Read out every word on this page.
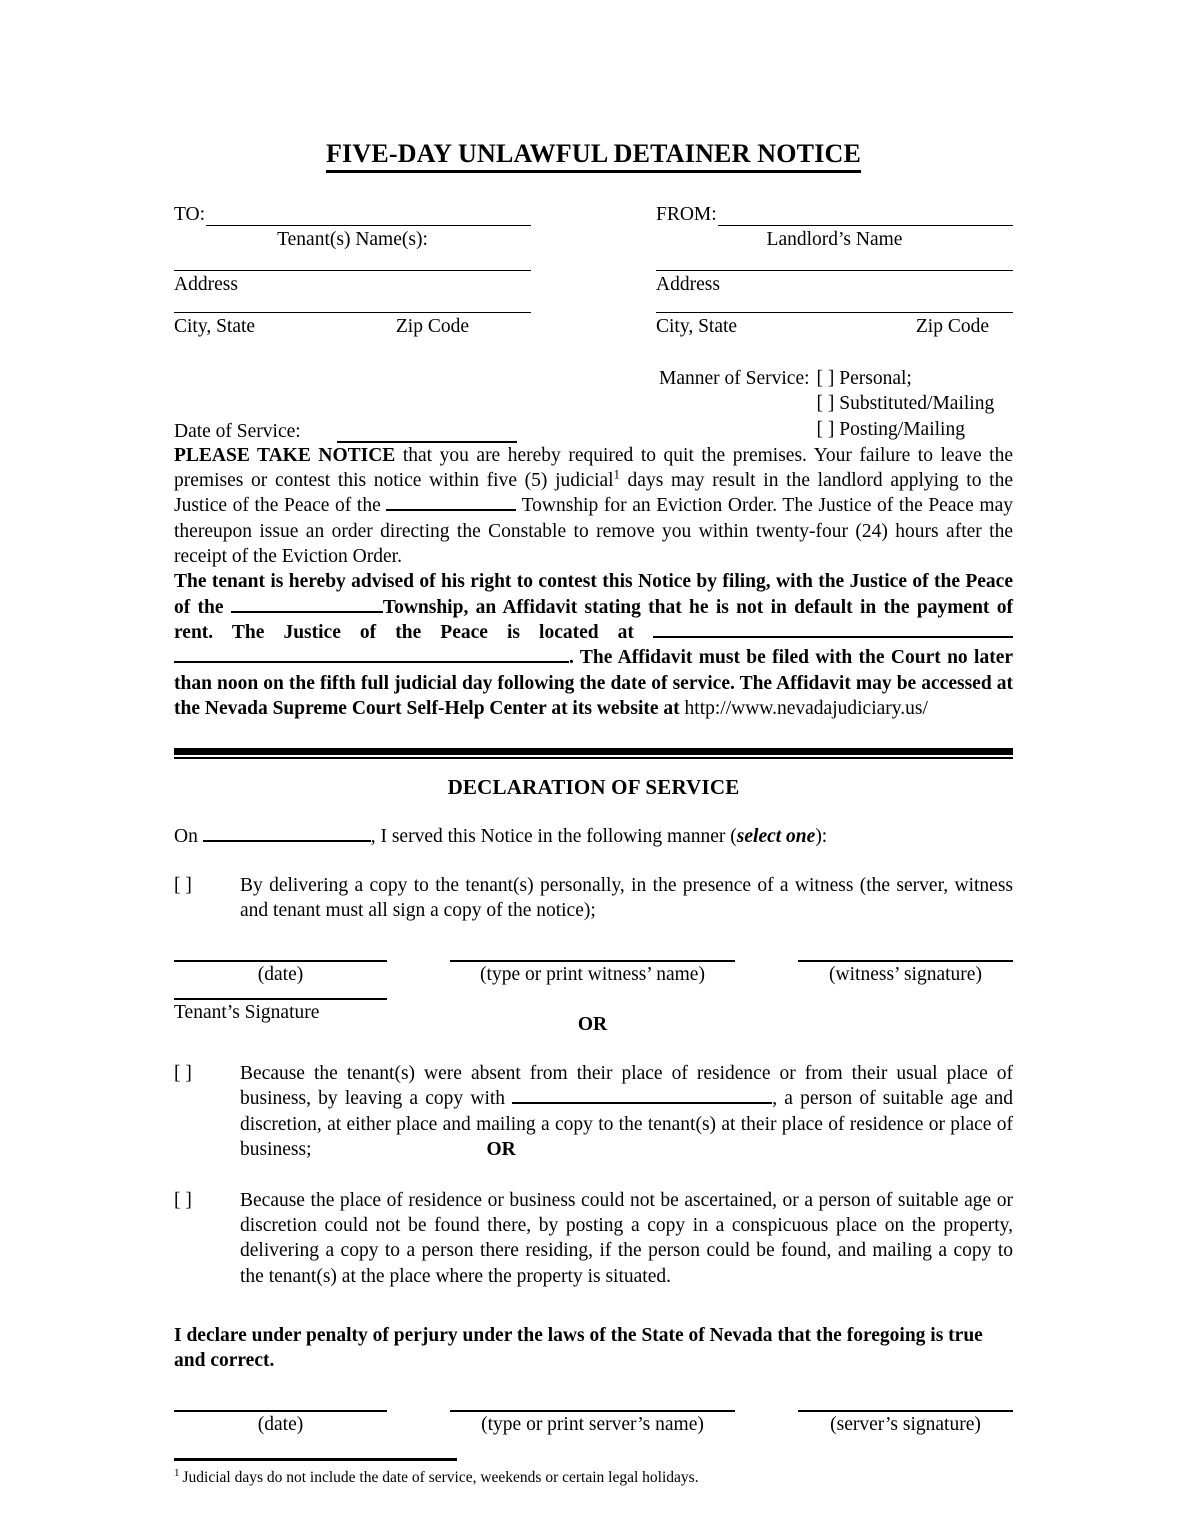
FIVE-DAY UNLAWFUL DETAINER NOTICE
TO:
Tenant(s) Name(s):
Address
City, State	Zip Code
FROM:
Landlord’s Name
Address
City, State	Zip Code
Date of Service:
Manner of Service: [ ] Personal;
[ ] Substituted/Mailing
[ ] Posting/Mailing

PLEASE TAKE NOTICE that you are hereby required to quit the premises. Your failure to leave the premises or contest this notice within five (5) judicial$^1$ days may result in the landlord applying to the Justice of the Peace of the	Township for an Eviction Order. The Justice of the Peace may thereupon issue an order directing the Constable to remove you within twenty-four (24) hours after the receipt of the Eviction Order.

The tenant is hereby advised of his right to contest this Notice by filing, with the Justice of the Peace of the	Township, an Affidavit stating that he is not in default in the payment of rent. The Justice of the Peace is located at . The Affidavit must be filed with the Court no later than noon on the fifth full judicial day following the date of service. The Affidavit may be accessed at the Nevada Supreme Court Self-Help Center at its website at http://www.nevadajudiciary.us/

DECLARATION OF SERVICE
On	, I served this Notice in the following manner (select one):
[ ]	By delivering a copy to the tenant(s) personally, in the presence of a witness (the server, witness and tenant must all sign a copy of the notice);
(date)	(type or print witness’ name)	(witness’ signature)
Tenant’s Signature
OR
[ ]	Because the tenant(s) were absent from their place of residence or from their usual place of business, by leaving a copy with	, a person of suitable age and discretion, at either place and mailing a copy to the tenant(s) at their place of residence or place of business;	OR
[ ]	Because the place of residence or business could not be ascertained, or a person of suitable age or discretion could not be found there, by posting a copy in a conspicuous place on the property, delivering a copy to a person there residing, if the person could be found, and mailing a copy to the tenant(s) at the place where the property is situated.
I declare under penalty of perjury under the laws of the State of Nevada that the foregoing is true and correct.
(date)	(type or print server’s name)	(server’s signature)
$^1$ Judicial days do not include the date of service, weekends or certain legal holidays.
